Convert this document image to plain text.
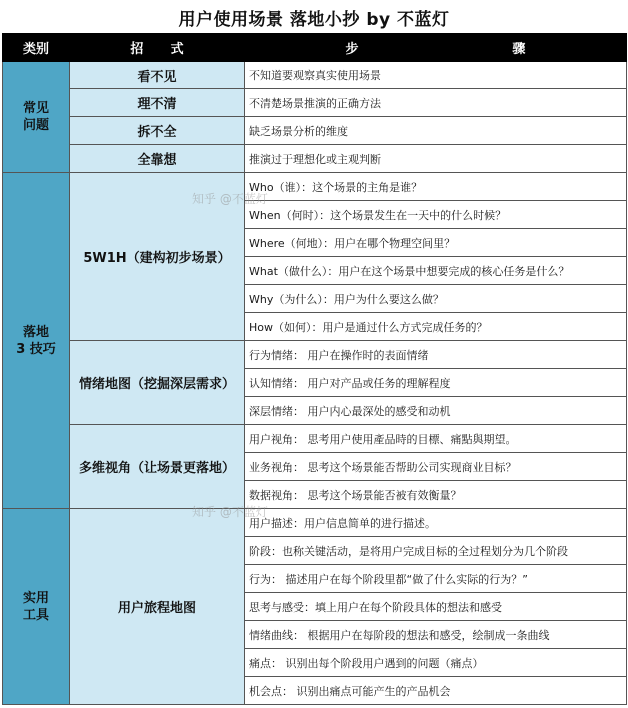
用户使用场景 落地小抄 by 不蓝灯
类别	招      式	步                                  骤
常见
问题	看不见	不知道要观察真实使用场景
	理不清	不清楚场景推演的正确方法
	拆不全	缺乏场景分析的维度
	全靠想	推演过于理想化或主观判断
落地
3 技巧	5W1H（建构初步场景）	Who（谁）：这个场景的主角是谁？
		When（何时）：这个场景发生在一天中的什么时候？
		Where（何地）：用户在哪个物理空间里？
		What（做什么）：用户在这个场景中想要完成的核心任务是什么？
		Why（为什么）：用户为什么要这么做？
		How（如何）：用户是通过什么方式完成任务的？
	情绪地图（挖掘深层需求）	行为情绪： 用户在操作时的表面情绪
		认知情绪： 用户对产品或任务的理解程度
		深层情绪： 用户内心最深处的感受和动机
	多维视角（让场景更落地）	用户视角： 思考用户使用產品時的目標、痛點與期望。
		业务视角： 思考这个场景能否帮助公司实现商业目标？
		数据视角： 思考这个场景能否被有效衡量？
实用
工具	用户旅程地图	用户描述：用户信息简单的进行描述。
		阶段：也称关键活动，是将用户完成目标的全过程划分为几个阶段
		行为： 描述用户在每个阶段里都“做了什么实际的行为？”
		思考与感受：填上用户在每个阶段具体的想法和感受
		情绪曲线： 根据用户在每阶段的想法和感受，绘制成一条曲线
		痛点： 识别出每个阶段用户遇到的问题（痛点）
		机会点： 识别出痛点可能产生的产品机会
知乎 @不蓝灯
知乎 @不蓝灯
